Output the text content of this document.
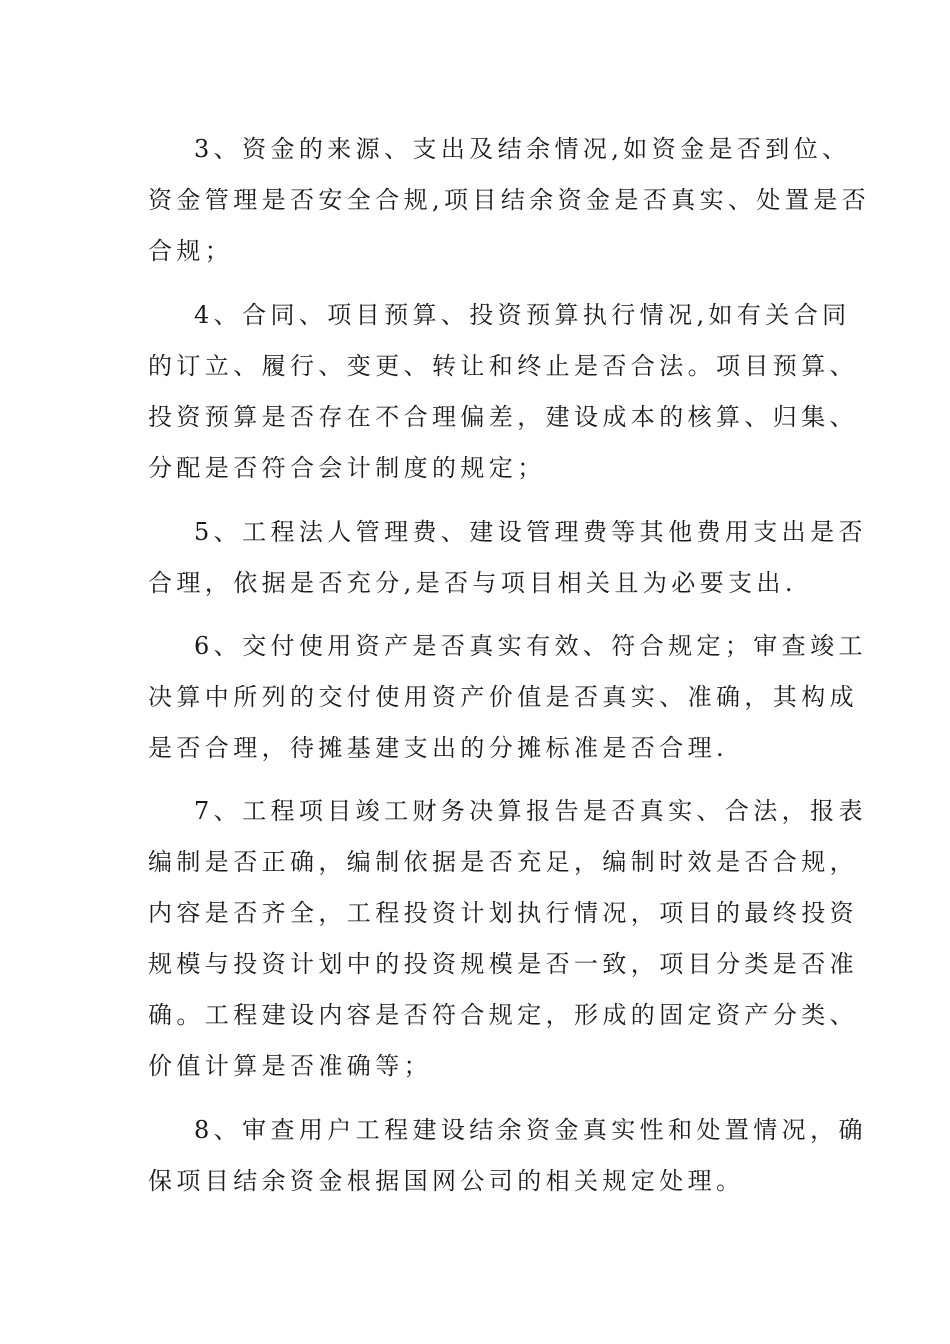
3、资金的来源、支出及结余情况,如资金是否到位、
资金管理是否安全合规,项目结余资金是否真实、处置是否
合规；
4、合同、项目预算、投资预算执行情况,如有关合同
的订立、履行、变更、转让和终止是否合法。项目预算、
投资预算是否存在不合理偏差，建设成本的核算、归集、
分配是否符合会计制度的规定；
5、工程法人管理费、建设管理费等其他费用支出是否
合理，依据是否充分,是否与项目相关且为必要支出.
6、交付使用资产是否真实有效、符合规定；审查竣工
决算中所列的交付使用资产价值是否真实、准确，其构成
是否合理，待摊基建支出的分摊标准是否合理.
7、工程项目竣工财务决算报告是否真实、合法，报表
编制是否正确，编制依据是否充足，编制时效是否合规，
内容是否齐全，工程投资计划执行情况，项目的最终投资
规模与投资计划中的投资规模是否一致，项目分类是否准
确。工程建设内容是否符合规定，形成的固定资产分类、
价值计算是否准确等；
8、审查用户工程建设结余资金真实性和处置情况，确
保项目结余资金根据国网公司的相关规定处理。
